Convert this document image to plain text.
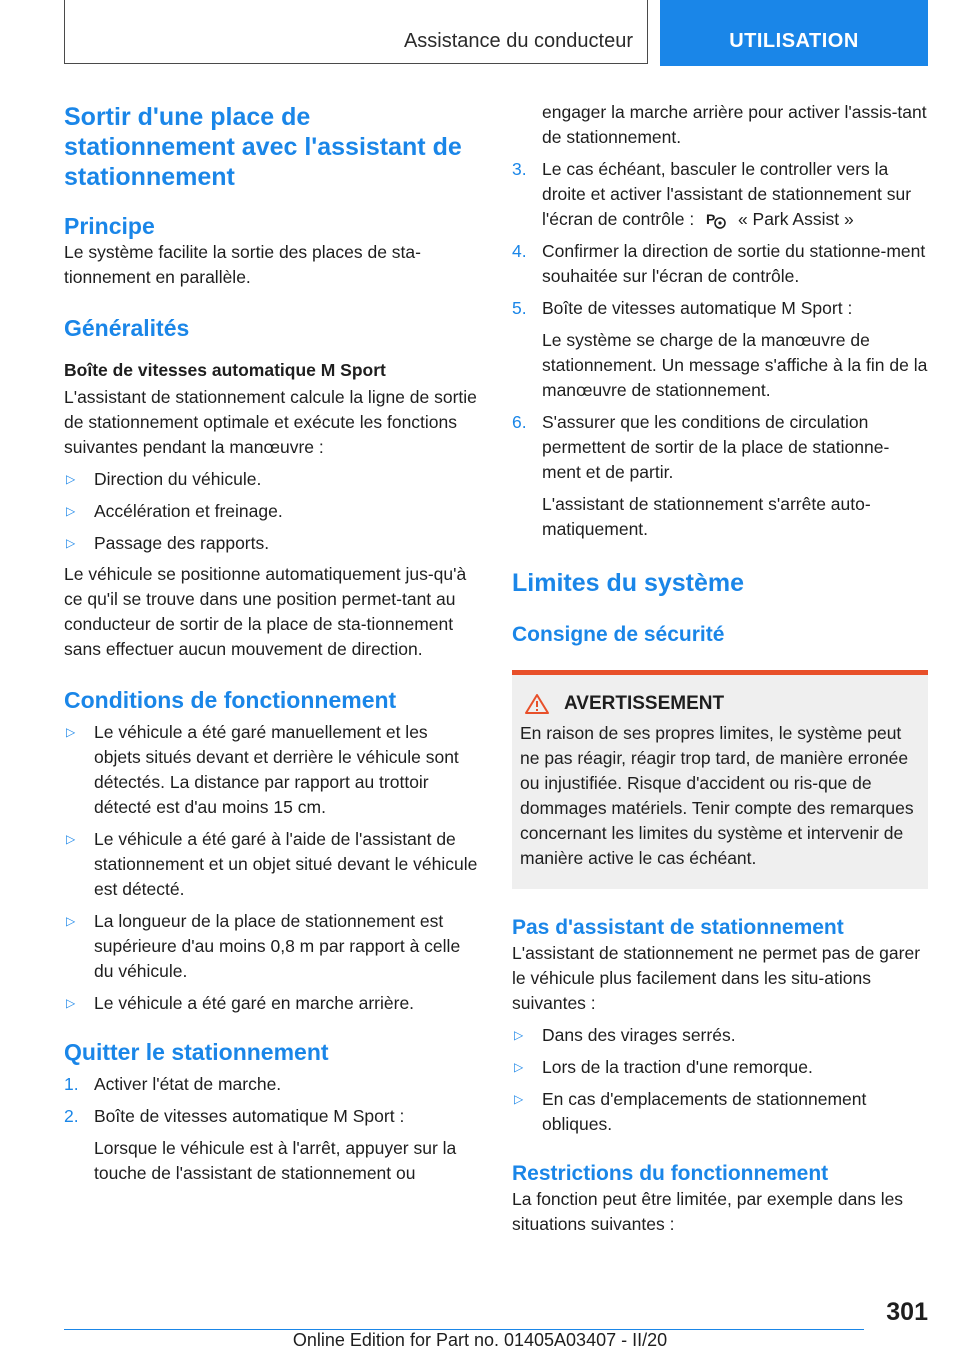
Assistance du conducteur	UTILISATION
Sortir d'une place de stationnement avec l'assistant de stationnement
Principe

Le système facilite la sortie des places de sta-tionnement en parallèle.

Généralités
Boîte de vitesses automatique M Sport

L'assistant de stationnement calcule la ligne de sortie de stationnement optimale et exécute les fonctions suivantes pendant la manœuvre :

▷ Direction du véhicule.
▷ Accélération et freinage.
▷ Passage des rapports.

Le véhicule se positionne automatiquement jus-qu'à ce qu'il se trouve dans une position permet-tant au conducteur de sortir de la place de sta-tionnement sans effectuer aucun mouvement de direction.

Conditions de fonctionnement
▷ Le véhicule a été garé manuellement et les objets situés devant et derrière le véhicule sont détectés. La distance par rapport au trottoir détecté est d'au moins 15 cm.
▷ Le véhicule a été garé à l'aide de l'assistant de stationnement et un objet situé devant le véhicule est détecté.
▷ La longueur de la place de stationnement est supérieure d'au moins 0,8 m par rapport à celle du véhicule.
▷ Le véhicule a été garé en marche arrière.
Quitter le stationnement
1. Activer l'état de marche.
2. Boîte de vitesses automatique M Sport :

Lorsque le véhicule est à l'arrêt, appuyer sur la touche de l'assistant de stationnement ou

engager la marche arrière pour activer l'assis-tant de stationnement.

3. Le cas échéant, basculer le controller vers la droite et activer l'assistant de stationnement sur l'écran de contrôle : P « Park Assist »
4. Confirmer la direction de sortie du stationne-ment souhaitée sur l'écran de contrôle.
5. Boîte de vitesses automatique M Sport :

Le système se charge de la manœuvre de stationnement. Un message s'affiche à la fin de la manœuvre de stationnement.

6. S'assurer que les conditions de circulation permettent de sortir de la place de stationne-ment et de partir.

L'assistant de stationnement s'arrête auto-matiquement.

Limites du système
Consigne de sécurité
AVERTISSEMENT

En raison de ses propres limites, le système peut ne pas réagir, réagir trop tard, de manière erronée ou injustifiée. Risque d'accident ou ris-que de dommages matériels. Tenir compte des remarques concernant les limites du système et intervenir de manière active le cas échéant.

Pas d'assistant de stationnement

L'assistant de stationnement ne permet pas de garer le véhicule plus facilement dans les situ-ations suivantes :

▷ Dans des virages serrés.
▷ Lors de la traction d'une remorque.
▷ En cas d'emplacements de stationnement obliques.
Restrictions du fonctionnement

La fonction peut être limitée, par exemple dans les situations suivantes :

301
Online Edition for Part no. 01405A03407 - II/20
